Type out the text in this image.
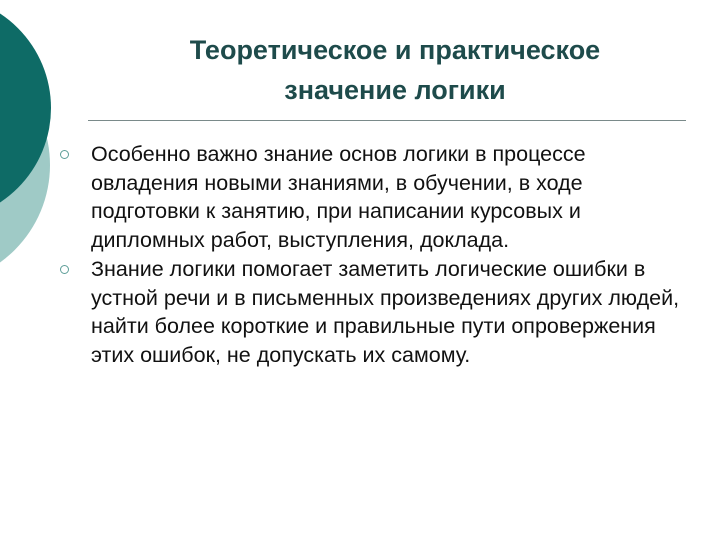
Теоретическое и практическое
значение логики
Особенно важно знание основ логики в процессе овладения новыми знаниями, в обучении, в ходе подготовки к занятию, при написании курсовых и дипломных работ, выступления, доклада.
Знание логики помогает заметить логические ошибки в устной речи и в письменных произведениях других людей, найти более короткие и правильные пути опровержения этих ошибок, не допускать их самому.
